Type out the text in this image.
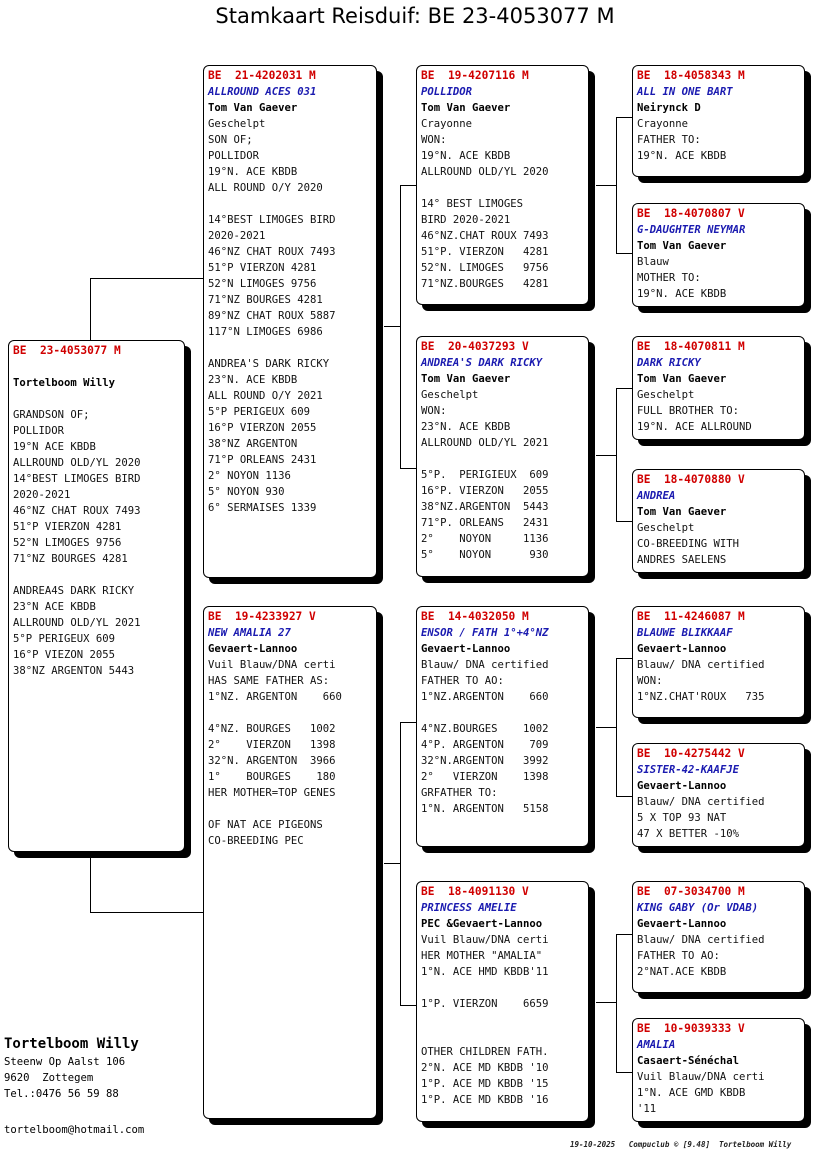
Stamkaart Reisduif: BE 23-4053077 M
BE  23-4053077 M
Tortelboom Willy
GRANDSON OF;
POLLIDOR
19°N ACE KBDB
ALLROUND OLD/YL 2020
14°BEST LIMOGES BIRD
2020-2021
46°NZ CHAT ROUX 7493
51°P VIERZON 4281
52°N LIMOGES 9756
71°NZ BOURGES 4281
ANDREA4S DARK RICKY
23°N ACE KBDB
ALLROUND OLD/YL 2021
5°P PERIGEUX 609
16°P VIEZON 2055
38°NZ ARGENTON 5443
BE  21-4202031 M
ALLROUND ACES 031
Tom Van Gaever
Geschelpt
SON OF;
POLLIDOR
19°N. ACE KBDB
ALL ROUND O/Y 2020
14°BEST LIMOGES BIRD
2020-2021
46°NZ CHAT ROUX 7493
51°P VIERZON 4281
52°N LIMOGES 9756
71°NZ BOURGES 4281
89°NZ CHAT ROUX 5887
117°N LIMOGES 6986
ANDREA'S DARK RICKY
23°N. ACE KBDB
ALL ROUND O/Y 2021
5°P PERIGEUX 609
16°P VIERZON 2055
38°NZ ARGENTON
71°P ORLEANS 2431
2° NOYON 1136
5° NOYON 930
6° SERMAISES 1339
BE  19-4233927 V
NEW AMALIA 27
Gevaert-Lannoo
Vuil Blauw/DNA certi
HAS SAME FATHER AS:
1°NZ. ARGENTON    660
4°NZ. BOURGES   1002
2°    VIERZON   1398
32°N. ARGENTON  3966
1°    BOURGES    180
HER MOTHER=TOP GENES
OF NAT ACE PIGEONS
CO-BREEDING PEC
BE  19-4207116 M
POLLIDOR
Tom Van Gaever
Crayonne
WON:
19°N. ACE KBDB
ALLROUND OLD/YL 2020
14° BEST LIMOGES
BIRD 2020-2021
46°NZ.CHAT ROUX 7493
51°P. VIERZON   4281
52°N. LIMOGES   9756
71°NZ.BOURGES   4281
BE  20-4037293 V
ANDREA'S DARK RICKY
Tom Van Gaever
Geschelpt
WON:
23°N. ACE KBDB
ALLROUND OLD/YL 2021
5°P.  PERIGIEUX  609
16°P. VIERZON   2055
38°NZ.ARGENTON  5443
71°P. ORLEANS   2431
2°    NOYON     1136
5°    NOYON      930
BE  14-4032050 M
ENSOR / FATH 1°+4°NZ
Gevaert-Lannoo
Blauw/ DNA certified
FATHER TO AO:
1°NZ.ARGENTON    660
4°NZ.BOURGES    1002
4°P. ARGENTON    709
32°N.ARGENTON   3992
2°   VIERZON    1398
GRFATHER TO:
1°N. ARGENTON   5158
BE  18-4091130 V
PRINCESS AMELIE
PEC &Gevaert-Lannoo
Vuil Blauw/DNA certi
HER MOTHER "AMALIA"
1°N. ACE HMD KBDB'11
1°P. VIERZON    6659
OTHER CHILDREN FATH.
2°N. ACE MD KBDB '10
1°P. ACE MD KBDB '15
1°P. ACE MD KBDB '16
BE  18-4058343 M
ALL IN ONE BART
Neirynck D
Crayonne
FATHER TO:
19°N. ACE KBDB
BE  18-4070807 V
G-DAUGHTER NEYMAR
Tom Van Gaever
Blauw
MOTHER TO:
19°N. ACE KBDB
BE  18-4070811 M
DARK RICKY
Tom Van Gaever
Geschelpt
FULL BROTHER TO:
19°N. ACE ALLROUND
BE  18-4070880 V
ANDREA
Tom Van Gaever
Geschelpt
CO-BREEDING WITH
ANDRES SAELENS
BE  11-4246087 M
BLAUWE BLIKKAAF
Gevaert-Lannoo
Blauw/ DNA certified
WON:
1°NZ.CHAT'ROUX   735
BE  10-4275442 V
SISTER-42-KAAFJE
Gevaert-Lannoo
Blauw/ DNA certified
5 X TOP 93 NAT
47 X BETTER -10%
BE  07-3034700 M
KING GABY (Or VDAB)
Gevaert-Lannoo
Blauw/ DNA certified
FATHER TO AO:
2°NAT.ACE KBDB
BE  10-9039333 V
AMALIA
Casaert-Sénéchal
Vuil Blauw/DNA certi
1°N. ACE GMD KBDB
'11
Tortelboom Willy
Steenw Op Aalst 106
9620  Zottegem
Tel.:0476 56 59 88
tortelboom@hotmail.com
19-10-2025 Compuclub © [9.48]  Tortelboom Willy
